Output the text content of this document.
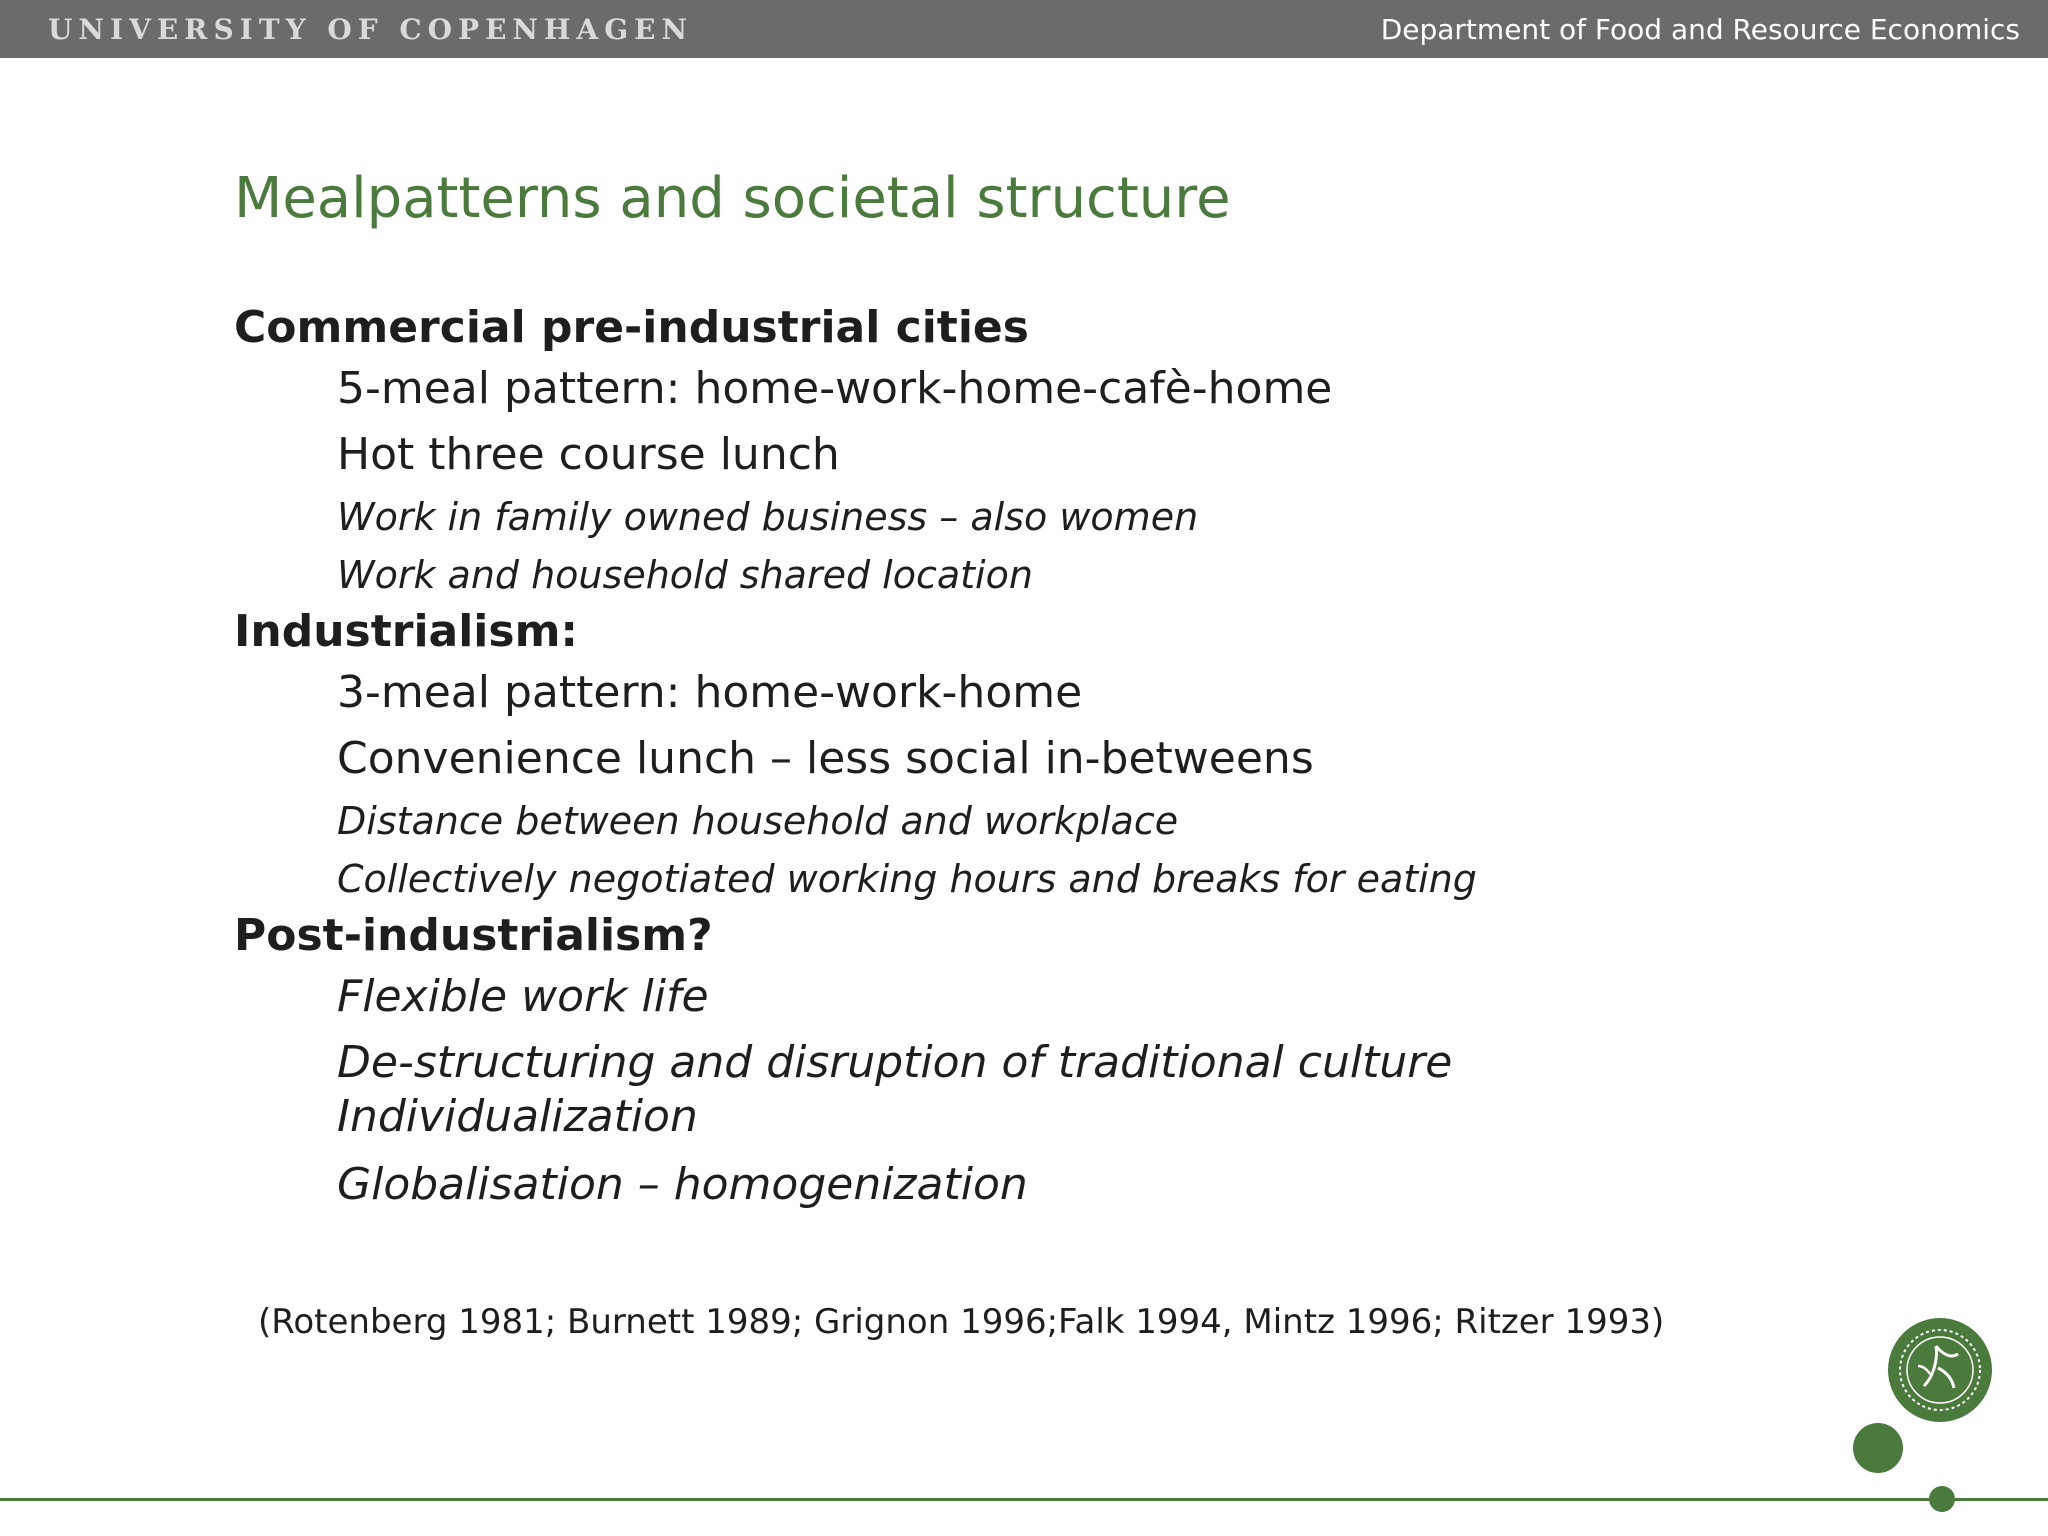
UNIVERSITY OF COPENHAGEN	Department of Food and Resource Economics
Mealpatterns and societal structure
Commercial pre-industrial cities
5-meal pattern: home-work-home-cafè-home
Hot three course lunch
Work in family owned business – also women
Work and household shared location
Industrialism:
3-meal pattern: home-work-home
Convenience lunch – less social in-betweens
Distance between household and workplace
Collectively negotiated working hours and breaks for eating
Post-industrialism?
Flexible work life
De-structuring and disruption of traditional culture Individualization
Globalisation – homogenization
(Rotenberg 1981; Burnett 1989; Grignon 1996;Falk 1994, Mintz 1996; Ritzer 1993)
